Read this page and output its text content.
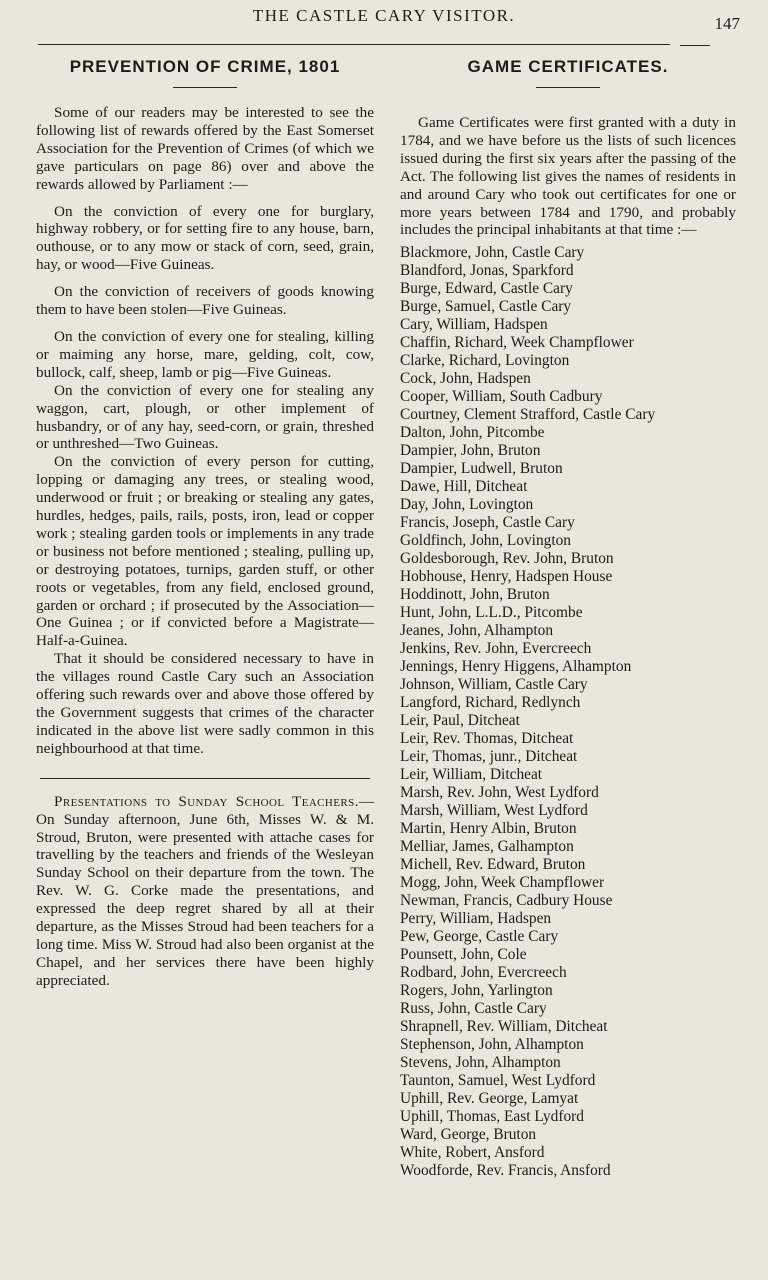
THE CASTLE CARY VISITOR.	147
PREVENTION OF CRIME, 1801

Some of our readers may be interested to see the following list of rewards offered by the East Somerset Association for the Prevention of Crimes (of which we gave particulars on page 86) over and above the rewards allowed by Parliament :—

On the conviction of every one for burglary, highway robbery, or for setting fire to any house, barn, outhouse, or to any mow or stack of corn, seed, grain, hay, or wood—Five Guineas.

On the conviction of receivers of goods knowing them to have been stolen—Five Guineas.

On the conviction of every one for stealing, killing or maiming any horse, mare, gelding, colt, cow, bullock, calf, sheep, lamb or pig—Five Guineas.

On the conviction of every one for stealing any waggon, cart, plough, or other implement of husbandry, or of any hay, seed-corn, or grain, threshed or unthreshed—Two Guineas.

On the conviction of every person for cutting, lopping or damaging any trees, or stealing wood, underwood or fruit ; or breaking or stealing any gates, hurdles, hedges, pails, rails, posts, iron, lead or copper work ; stealing garden tools or implements in any trade or business not before mentioned ; stealing, pulling up, or destroying potatoes, turnips, garden stuff, or other roots or vegetables, from any field, enclosed ground, garden or orchard ; if prosecuted by the Association—One Guinea ; or if convicted before a Magistrate—Half-a-Guinea.

That it should be considered necessary to have in the villages round Castle Cary such an Association offering such rewards over and above those offered by the Government suggests that crimes of the character indicated in the above list were sadly common in this neighbourhood at that time.

Presentations to Sunday School Teachers.—On Sunday afternoon, June 6th, Misses W. & M. Stroud, Bruton, were presented with attache cases for travelling by the teachers and friends of the Wesleyan Sunday School on their departure from the town. The Rev. W. G. Corke made the presentations, and expressed the deep regret shared by all at their departure, as the Misses Stroud had been teachers for a long time. Miss W. Stroud had also been organist at the Chapel, and her services there have been highly appreciated.

GAME CERTIFICATES.

Game Certificates were first granted with a duty in 1784, and we have before us the lists of such licences issued during the first six years after the passing of the Act. The following list gives the names of residents in and around Cary who took out certificates for one or more years between 1784 and 1790, and probably includes the principal inhabitants at that time :—

Blackmore, John, Castle Cary
Blandford, Jonas, Sparkford
Burge, Edward, Castle Cary
Burge, Samuel, Castle Cary
Cary, William, Hadspen
Chaffin, Richard, Week Champflower
Clarke, Richard, Lovington
Cock, John, Hadspen
Cooper, William, South Cadbury
Courtney, Clement Strafford, Castle Cary
Dalton, John, Pitcombe
Dampier, John, Bruton
Dampier, Ludwell, Bruton
Dawe, Hill, Ditcheat
Day, John, Lovington
Francis, Joseph, Castle Cary
Goldfinch, John, Lovington
Goldesborough, Rev. John, Bruton
Hobhouse, Henry, Hadspen House
Hoddinott, John, Bruton
Hunt, John, L.L.D., Pitcombe
Jeanes, John, Alhampton
Jenkins, Rev. John, Evercreech
Jennings, Henry Higgens, Alhampton
Johnson, William, Castle Cary
Langford, Richard, Redlynch
Leir, Paul, Ditcheat
Leir, Rev. Thomas, Ditcheat
Leir, Thomas, junr., Ditcheat
Leir, William, Ditcheat
Marsh, Rev. John, West Lydford
Marsh, William, West Lydford
Martin, Henry Albin, Bruton
Melliar, James, Galhampton
Michell, Rev. Edward, Bruton
Mogg, John, Week Champflower
Newman, Francis, Cadbury House
Perry, William, Hadspen
Pew, George, Castle Cary
Pounsett, John, Cole
Rodbard, John, Evercreech
Rogers, John, Yarlington
Russ, John, Castle Cary
Shrapnell, Rev. William, Ditcheat
Stephenson, John, Alhampton
Stevens, John, Alhampton
Taunton, Samuel, West Lydford
Uphill, Rev. George, Lamyat
Uphill, Thomas, East Lydford
Ward, George, Bruton
White, Robert, Ansford
Woodforde, Rev. Francis, Ansford
